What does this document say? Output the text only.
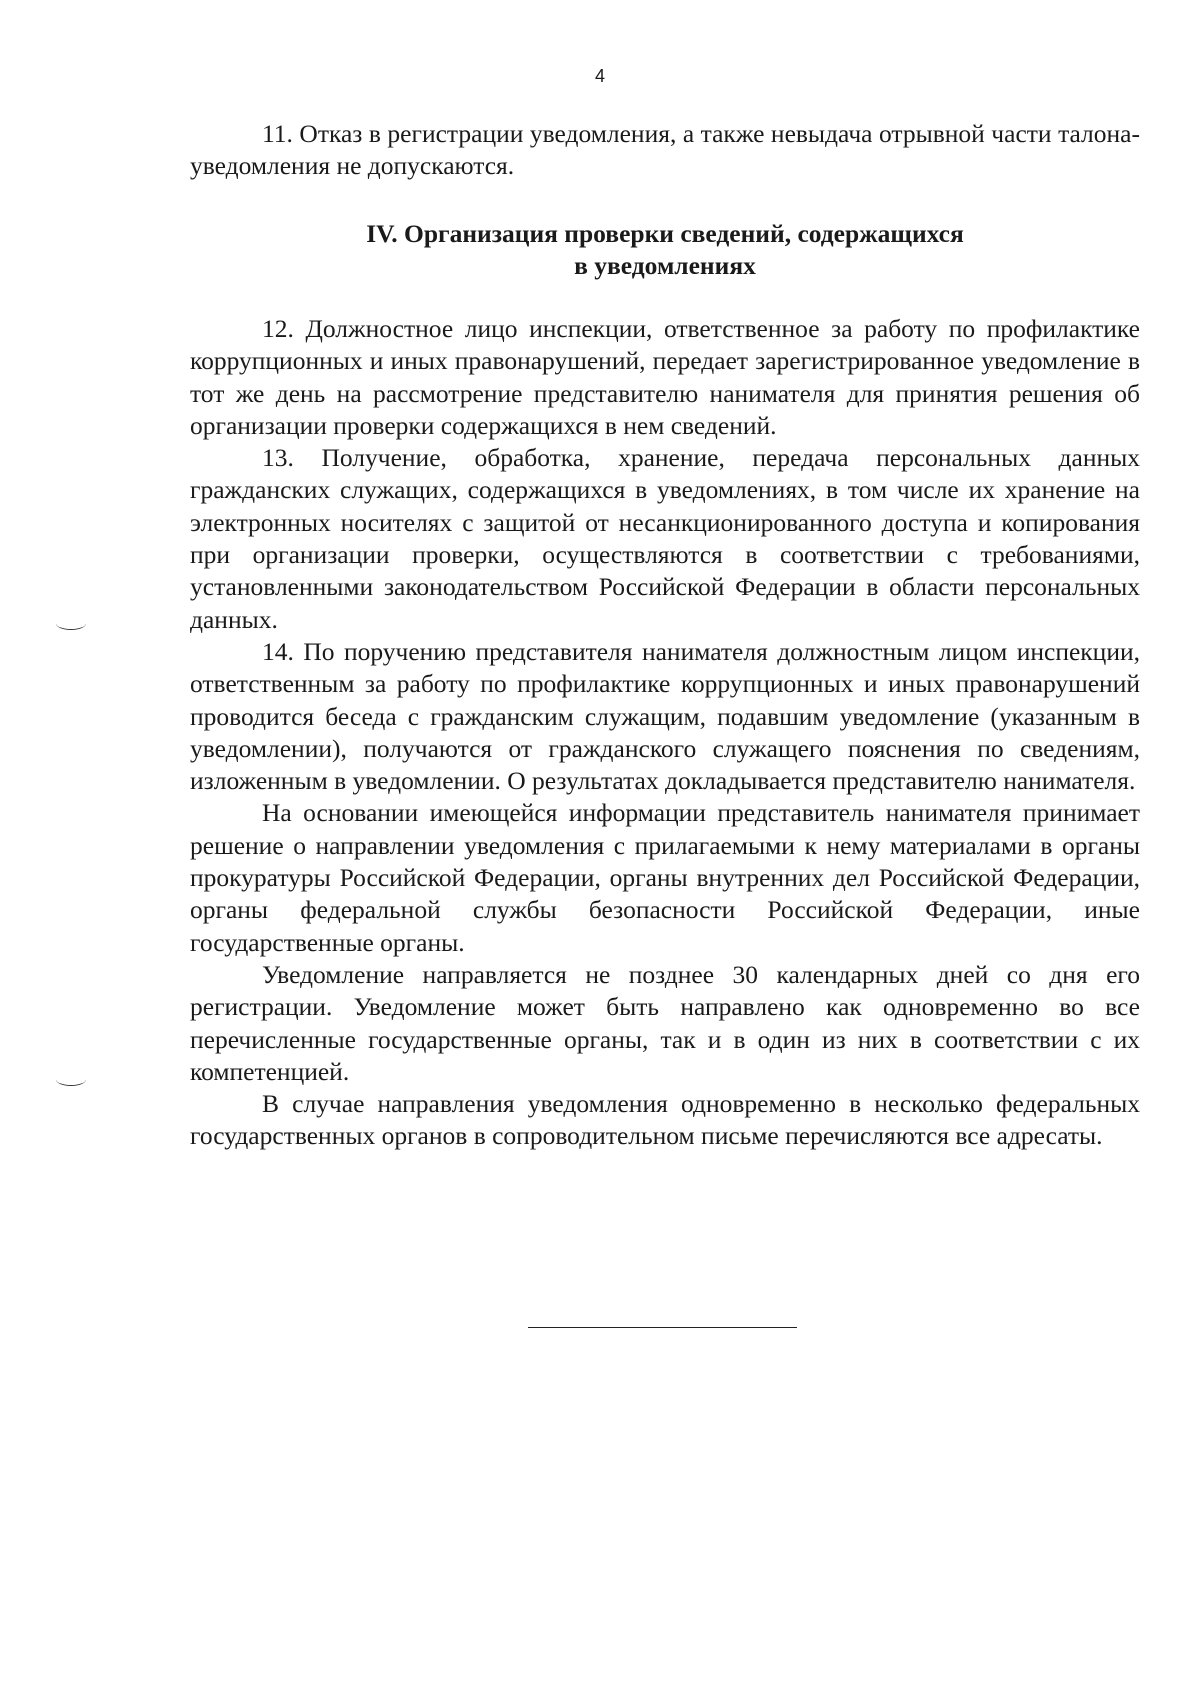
4

11. Отказ в регистрации уведомления, а также невыдача отрывной части талона-уведомления не допускаются.

IV. Организация проверки сведений, содержащихся
в уведомлениях

12. Должностное лицо инспекции, ответственное за работу по профилактике коррупционных и иных правонарушений, передает зарегистрированное уведомление в тот же день на рассмотрение представителю нанимателя для принятия решения об организации проверки содержащихся в нем сведений.

13. Получение, обработка, хранение, передача персональных данных гражданских служащих, содержащихся в уведомлениях, в том числе их хранение на электронных носителях с защитой от несанкционированного доступа и копирования при организации проверки, осуществляются в соответствии с требованиями, установленными законодательством Российской Федерации в области персональных данных.

14. По поручению представителя нанимателя должностным лицом инспекции, ответственным за работу по профилактике коррупционных и иных правонарушений проводится беседа с гражданским служащим, подавшим уведомление (указанным в уведомлении), получаются от гражданского служащего пояснения по сведениям, изложенным в уведомлении. О результатах докладывается представителю нанимателя.

На основании имеющейся информации представитель нанимателя принимает решение о направлении уведомления с прилагаемыми к нему материалами в органы прокуратуры Российской Федерации, органы внутренних дел Российской Федерации, органы федеральной службы безопасности Российской Федерации, иные государственные органы.

Уведомление направляется не позднее 30 календарных дней со дня его регистрации. Уведомление может быть направлено как одновременно во все перечисленные государственные органы, так и в один из них в соответствии с их компетенцией.

В случае направления уведомления одновременно в несколько федеральных государственных органов в сопроводительном письме перечисляются все адресаты.
